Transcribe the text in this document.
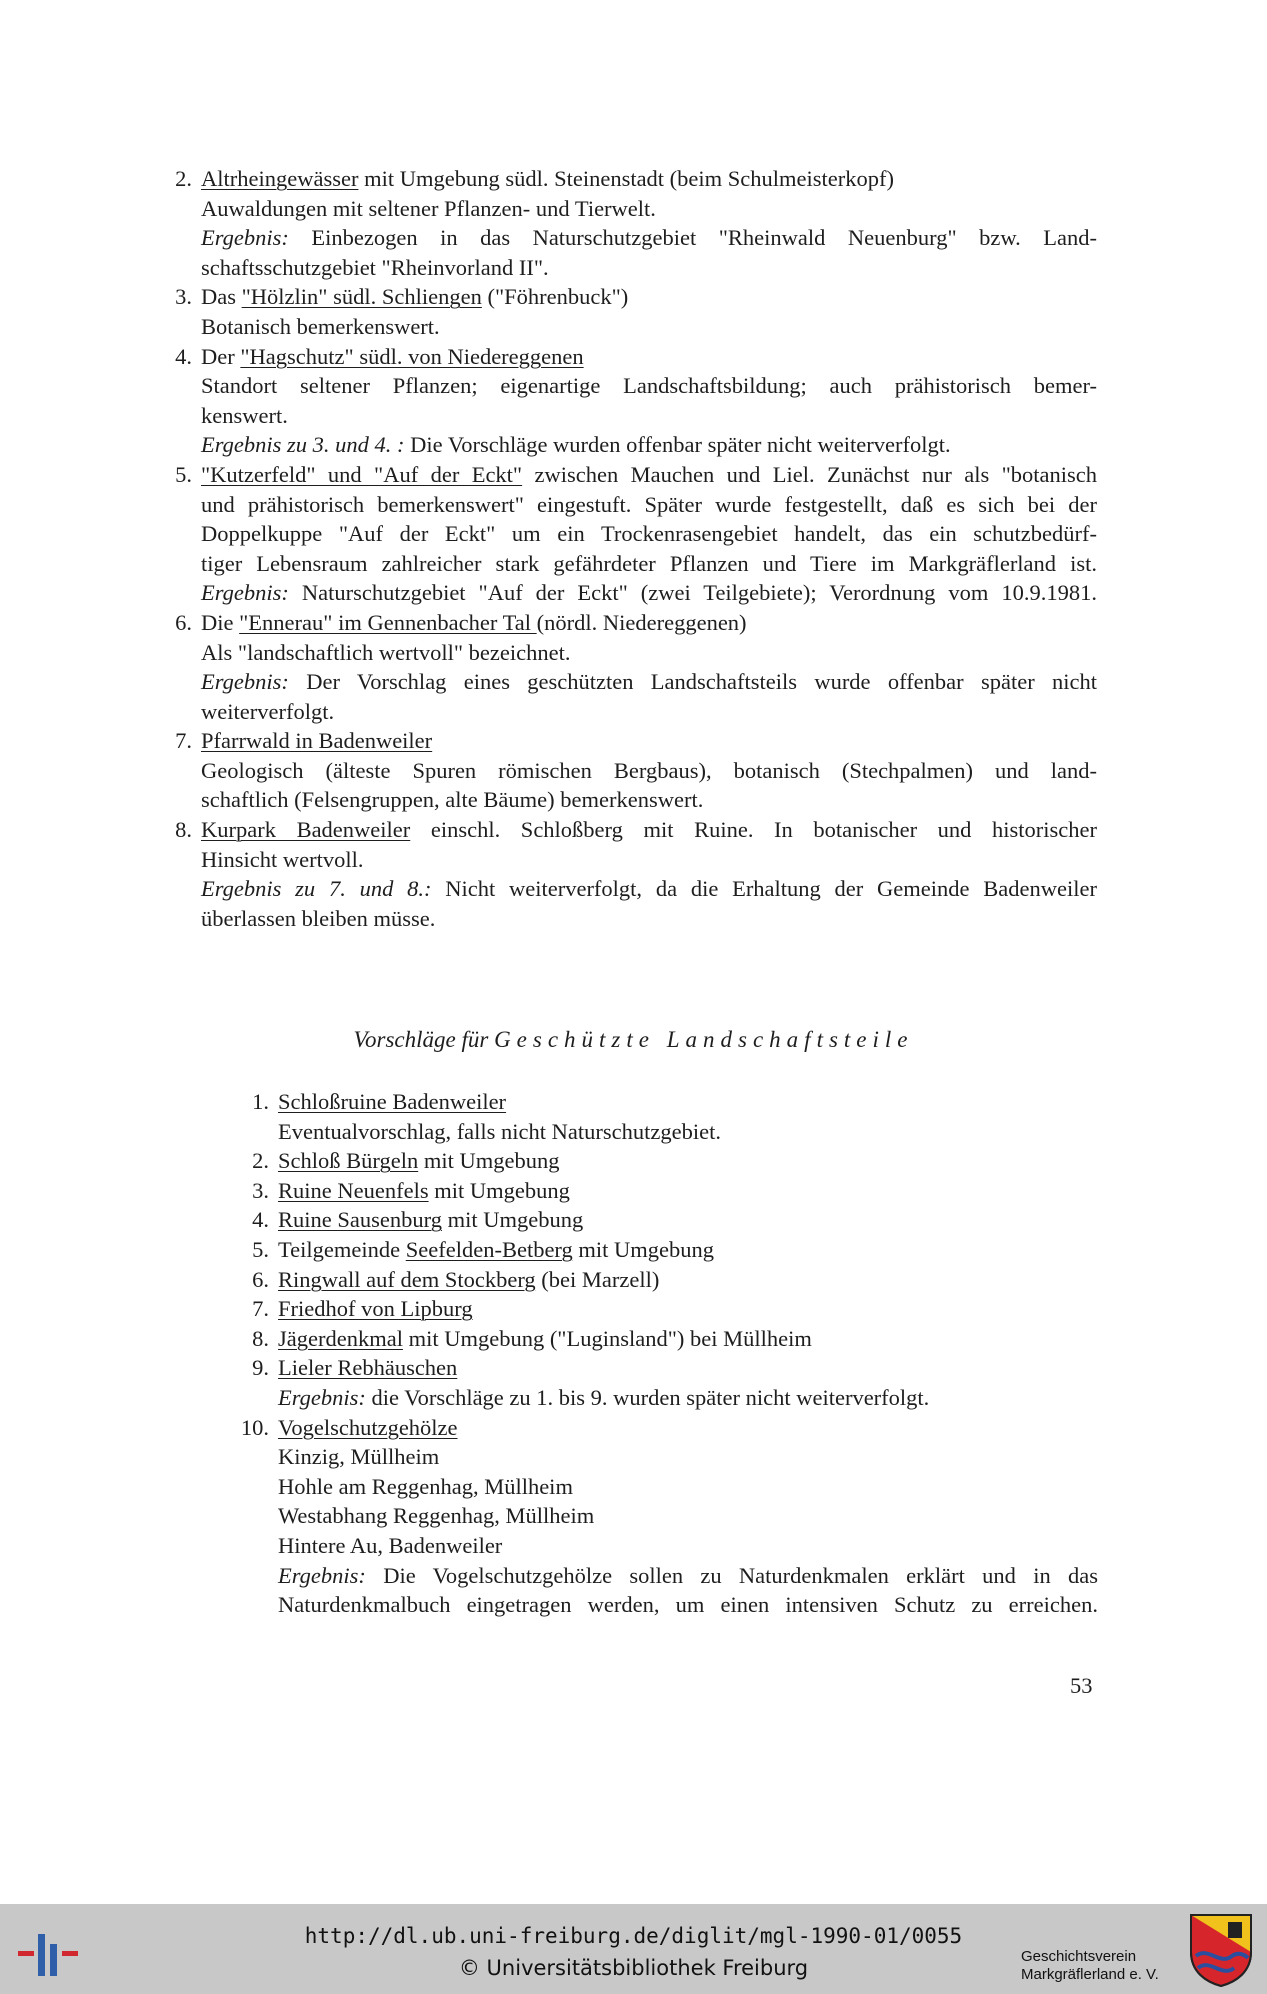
2. Altrheingewässer mit Umgebung südl. Steinenstadt (beim Schulmeisterkopf)
Auwaldungen mit seltener Pflanzen- und Tierwelt.
Ergebnis: Einbezogen in das Naturschutzgebiet "Rheinwald Neuenburg" bzw. Land-
schaftsschutzgebiet "Rheinvorland II".
3. Das "Hölzlin" südl. Schliengen ("Föhrenbuck")
Botanisch bemerkenswert.
4. Der "Hagschutz" südl. von Niedereggenen
Standort seltener Pflanzen; eigenartige Landschaftsbildung; auch prähistorisch bemer-
kenswert.
Ergebnis zu 3. und 4. : Die Vorschläge wurden offenbar später nicht weiterverfolgt.
5. "Kutzerfeld" und "Auf der Eckt" zwischen Mauchen und Liel. Zunächst nur als "botanisch
und prähistorisch bemerkenswert" eingestuft. Später wurde festgestellt, daß es sich bei der
Doppelkuppe "Auf der Eckt" um ein Trockenrasengebiet handelt, das ein schutzbedürf-
tiger Lebensraum zahlreicher stark gefährdeter Pflanzen und Tiere im Markgräflerland ist.
Ergebnis: Naturschutzgebiet "Auf der Eckt" (zwei Teilgebiete); Verordnung vom 10.9.1981.
6. Die "Ennerau" im Gennenbacher Tal (nördl. Niedereggenen)
Als "landschaftlich wertvoll" bezeichnet.
Ergebnis: Der Vorschlag eines geschützten Landschaftsteils wurde offenbar später nicht
weiterverfolgt.
7. Pfarrwald in Badenweiler
Geologisch (älteste Spuren römischen Bergbaus), botanisch (Stechpalmen) und land-
schaftlich (Felsengruppen, alte Bäume) bemerkenswert.
8. Kurpark Badenweiler einschl. Schloßberg mit Ruine. In botanischer und historischer
Hinsicht wertvoll.
Ergebnis zu 7. und 8.: Nicht weiterverfolgt, da die Erhaltung der Gemeinde Badenweiler
überlassen bleiben müsse.
Vorschläge für Geschützte Landschaftsteile
1. Schloßruine Badenweiler
Eventualvorschlag, falls nicht Naturschutzgebiet.
2. Schloß Bürgeln mit Umgebung
3. Ruine Neuenfels mit Umgebung
4. Ruine Sausenburg mit Umgebung
5. Teilgemeinde Seefelden-Betberg mit Umgebung
6. Ringwall auf dem Stockberg (bei Marzell)
7. Friedhof von Lipburg
8. Jägerdenkmal mit Umgebung ("Luginsland") bei Müllheim
9. Lieler Rebhäuschen
Ergebnis: die Vorschläge zu 1. bis 9. wurden später nicht weiterverfolgt.
10. Vogelschutzgehölze
Kinzig, Müllheim
Hohle am Reggenhag, Müllheim
Westabhang Reggenhag, Müllheim
Hintere Au, Badenweiler
Ergebnis: Die Vogelschutzgehölze sollen zu Naturdenkmalen erklärt und in das
Naturdenkmalbuch eingetragen werden, um einen intensiven Schutz zu erreichen.
53
http://dl.ub.uni-freiburg.de/diglit/mgl-1990-01/0055
© Universitätsbibliothek Freiburg	Geschichtsverein
Markgräflerland e. V.
